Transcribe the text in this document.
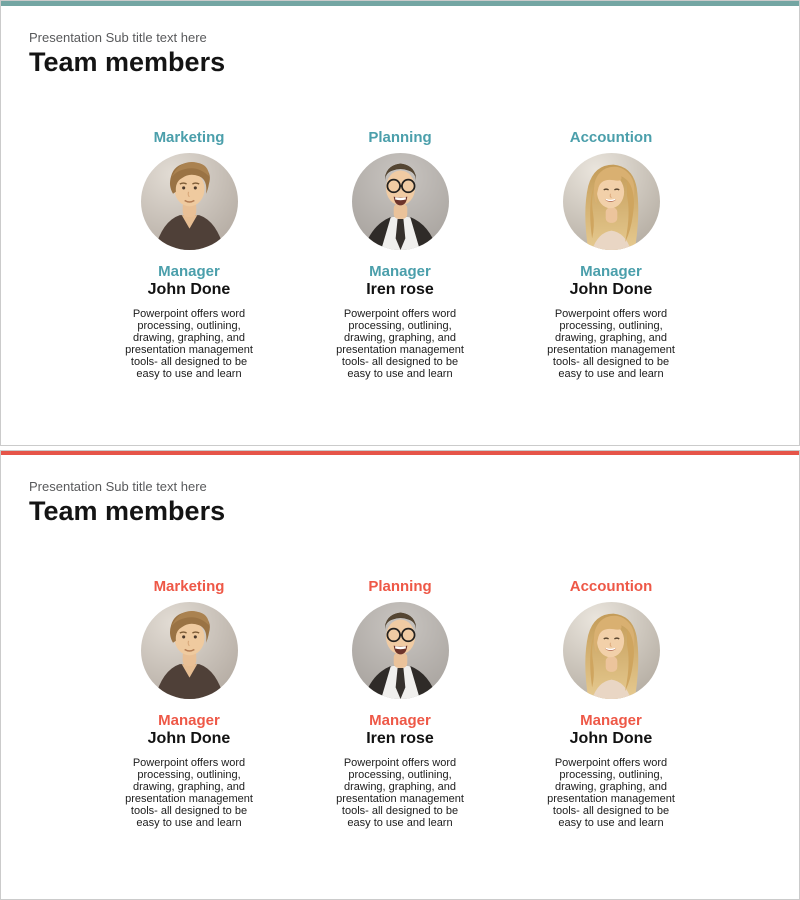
Presentation Sub title text here
Team members
Marketing
Manager
John Done

Powerpoint offers word processing, outlining, drawing, graphing, and presentation management tools- all designed to be easy to use and learn

Planning
Manager
Iren rose

Powerpoint offers word processing, outlining, drawing, graphing, and presentation management tools- all designed to be easy to use and learn

Accountion
Manager
John Done

Powerpoint offers word processing, outlining, drawing, graphing, and presentation management tools- all designed to be easy to use and learn

Presentation Sub title text here
Team members
Marketing
Manager
John Done

Powerpoint offers word processing, outlining, drawing, graphing, and presentation management tools- all designed to be easy to use and learn

Planning
Manager
Iren rose

Powerpoint offers word processing, outlining, drawing, graphing, and presentation management tools- all designed to be easy to use and learn

Accountion
Manager
John Done

Powerpoint offers word processing, outlining, drawing, graphing, and presentation management tools- all designed to be easy to use and learn
